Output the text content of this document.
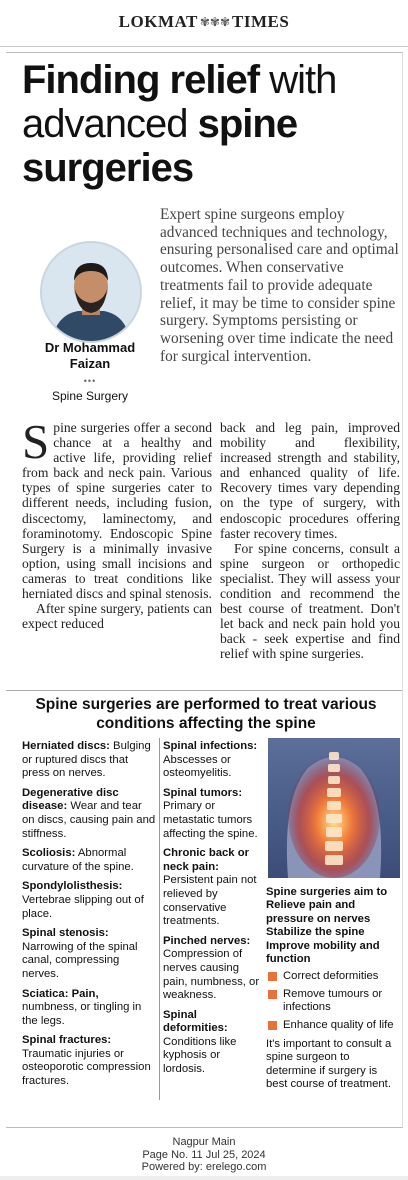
LOKMAT ✾✾✾ TIMES
Finding relief with
advanced spine
surgeries
Expert spine surgeons employ advanced techniques and technology, ensuring personalised care and optimal outcomes. When conservative treatments fail to provide adequate relief, it may be time to consider spine surgery. Symptoms persisting or worsening over time indicate the need for surgical intervention.
Dr Mohammad
Faizan
•••
Spine Surgery

Spine surgeries offer a second chance at a healthy and active life, providing relief from back and neck pain. Various types of spine surgeries cater to different needs, including fusion, discectomy, laminectomy, and foraminotomy. Endoscopic Spine Surgery is a minimally invasive option, using small incisions and cameras to treat conditions like herniated discs and spinal stenosis.

After spine surgery, patients can expect reduced

back and leg pain, improved mobility and flexibility, increased strength and stability, and enhanced quality of life. Recovery times vary depending on the type of surgery, with endoscopic procedures offering faster recovery times.

For spine concerns, consult a spine surgeon or orthopedic specialist. They will assess your condition and recommend the best course of treatment. Don't let back and neck pain hold you back - seek expertise and find relief with spine surgeries.

Spine surgeries are performed to treat various conditions affecting the spine
Herniated discs: Bulging or ruptured discs that press on nerves.
Degenerative disc disease: Wear and tear on discs, causing pain and stiffness.
Scoliosis: Abnormal curvature of the spine.
Spondylolisthesis: Vertebrae slipping out of place.
Spinal stenosis: Narrowing of the spinal canal, compressing nerves.
Sciatica: Pain, numbness, or tingling in the legs.
Spinal fractures: Traumatic injuries or osteoporotic compression fractures.
Spinal infections: Abscesses or osteomyelitis.
Spinal tumors: Primary or metastatic tumors affecting the spine.
Chronic back or neck pain: Persistent pain not relieved by conservative treatments.
Pinched nerves: Compression of nerves causing pain, numbness, or weakness.
Spinal deformities: Conditions like kyphosis or lordosis.
Spine surgeries aim to
Relieve pain and pressure on nerves
Stabilize the spine
Improve mobility and function
Correct deformities
Remove tumours or infections
Enhance quality of life
It's important to consult a spine surgeon to determine if surgery is best course of treatment.
Nagpur Main
Page No. 11 Jul 25, 2024
Powered by: erelego.com
